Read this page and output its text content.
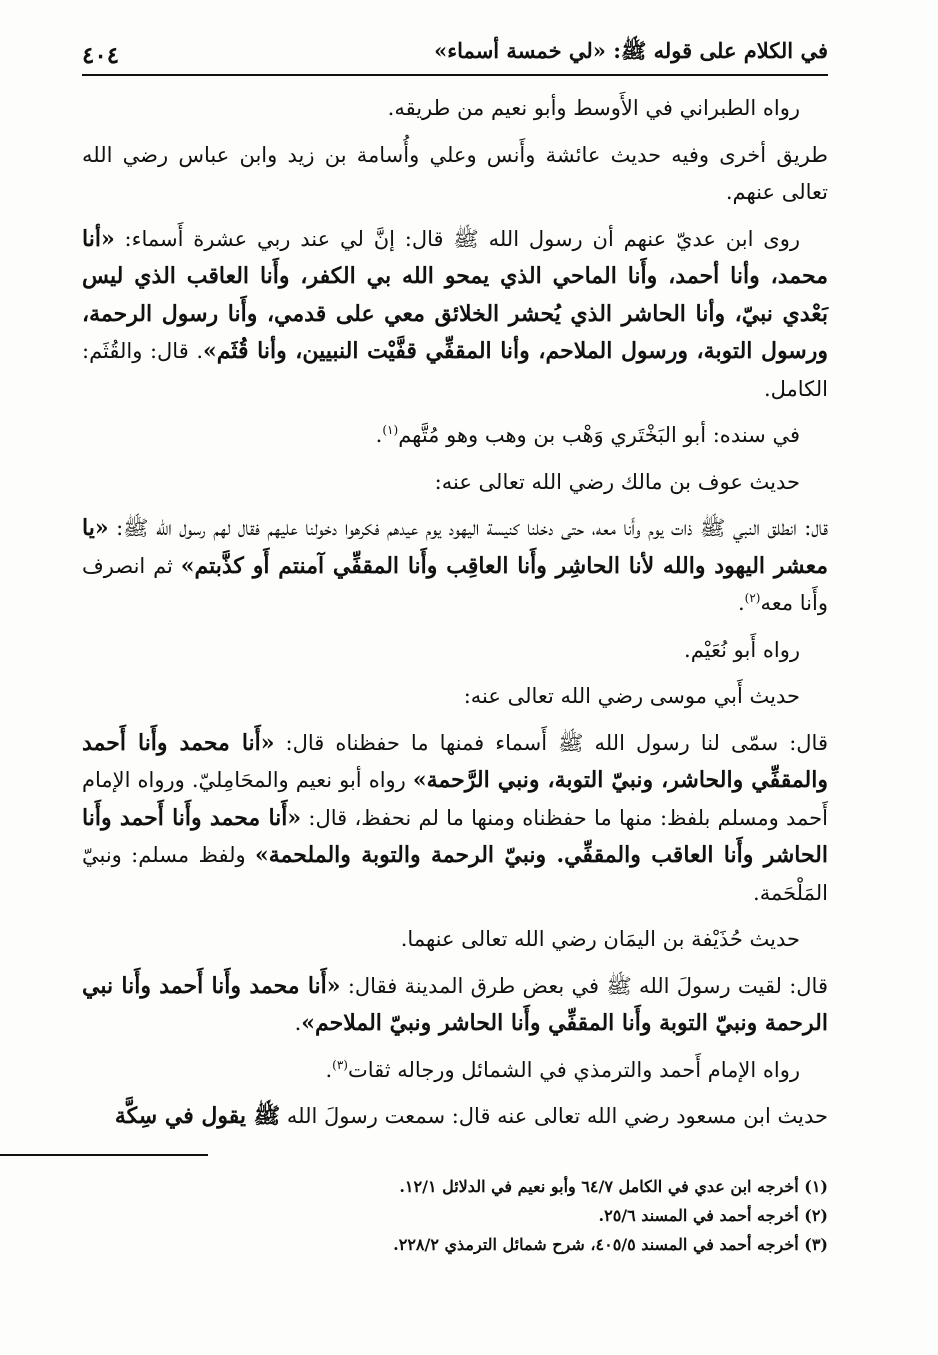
في الكلام على قوله ﷺ: «لي خمسة أسماء»
٤٠٤

رواه الطبراني في الأَوسط وأبو نعيم من طريقه.

طريق أخرى وفيه حديث عائشة وأَنس وعلي وأُسامة بن زيد وابن عباس رضي الله تعالى عنهم.

روى ابن عديّ عنهم أن رسول الله ﷺ قال: إنَّ لي عند ربي عشرة أَسماء: «أنا محمد، وأنا أحمد، وأَنا الماحي الذي يمحو الله بي الكفر، وأَنا العاقب الذي ليس بَعْدي نبيّ، وأنا الحاشر الذي يُحشر الخلائق معي على قدمي، وأَنا رسول الرحمة، ورسول التوبة، ورسول الملاحم، وأنا المقفِّي قفَّيْت النبيين، وأنا قُثَم». قال: والقُثَم: الكامل.

في سنده: أبو البَخْتَري وَهْب بن وهب وهو مُتَّهم$^{(١)}$.

حديث عوف بن مالك رضي الله تعالى عنه:

قال: انطلق النبي ﷺ ذات يوم وأَنا معه، حتى دخلنا كنيسة اليهود يوم عيدهم فكرهوا دخولنا عليهم فقال لهم رسول الله ﷺ: «يا معشر اليهود والله لأنا الحاشِر وأَنا العاقِب وأَنا المقفِّي آمنتم أَو كذَّبتم» ثم انصرف وأَنا معه$^{(٢)}$.

رواه أَبو نُعَيْم.

حديث أَبي موسى رضي الله تعالى عنه:

قال: سمّى لنا رسول الله ﷺ أَسماء فمنها ما حفظناه قال: «أَنا محمد وأَنا أَحمد والمقفِّي والحاشر، ونبيّ التوبة، ونبي الرَّحمة» رواه أبو نعيم والمحَامِليّ. ورواه الإمام أَحمد ومسلم بلفظ: منها ما حفظناه ومنها ما لم نحفظ، قال: «أَنا محمد وأَنا أَحمد وأَنا الحاشر وأَنا العاقب والمقفِّي. ونبيّ الرحمة والتوبة والملحمة» ولفظ مسلم: ونبيّ المَلْحَمة.

حديث حُذَيْفة بن اليمَان رضي الله تعالى عنهما.

قال: لقيت رسولَ الله ﷺ في بعض طرق المدينة فقال: «أَنا محمد وأَنا أَحمد وأَنا نبي الرحمة ونبيّ التوبة وأَنا المقفِّي وأَنا الحاشر ونبيّ الملاحم».

رواه الإمام أَحمد والترمذي في الشمائل ورجاله ثقات$^{(٣)}$.

حديث ابن مسعود رضي الله تعالى عنه قال: سمعت رسولَ الله ﷺ يقول في سِكَّة

(١) أخرجه ابن عدي في الكامل ٦٤/٧ وأبو نعيم في الدلائل ١٢/١.
(٢) أخرجه أحمد في المسند ٢٥/٦.
(٣) أخرجه أحمد في المسند ٤٠٥/٥، شرح شمائل الترمذي ٢٢٨/٢.
